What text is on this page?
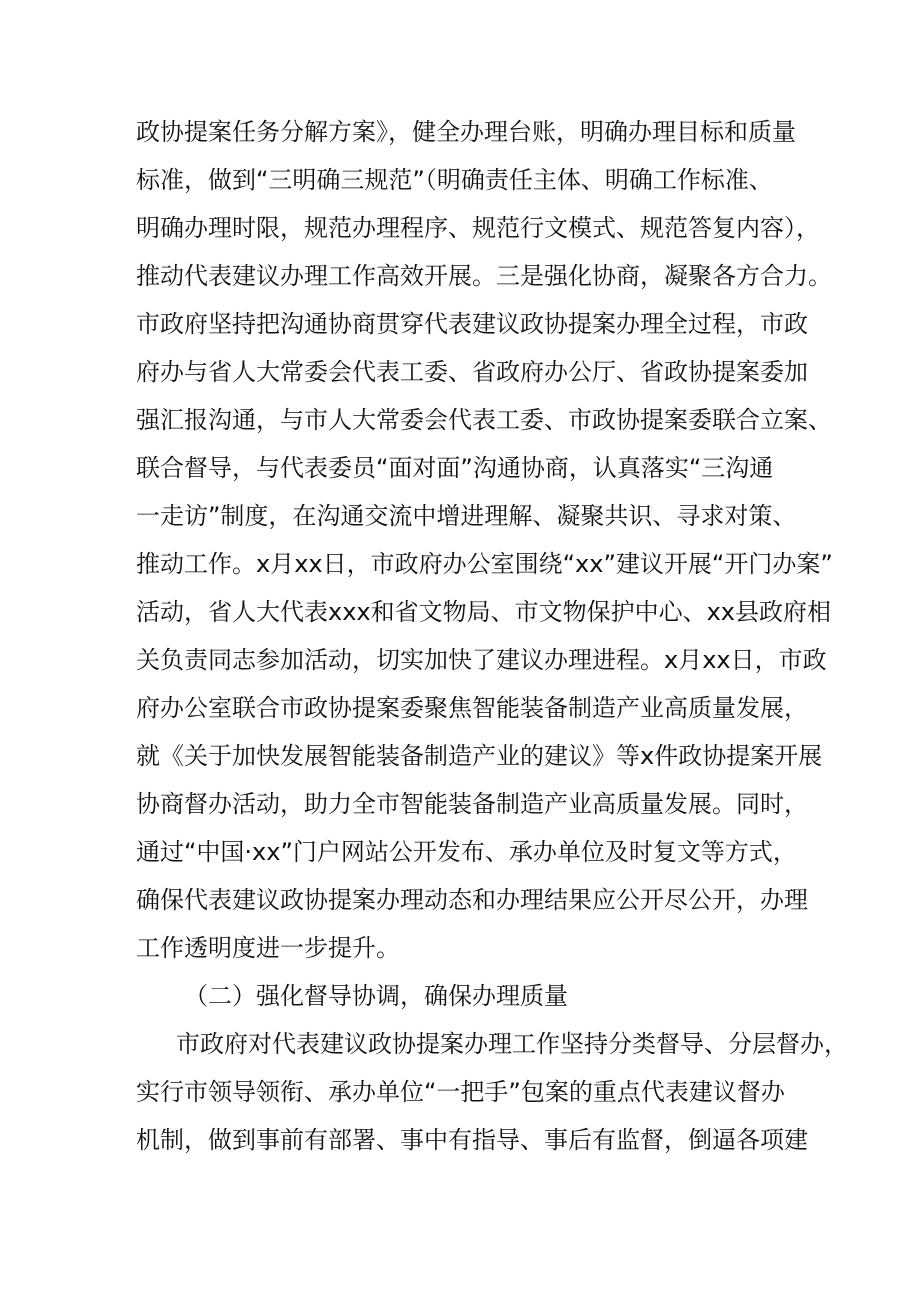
政协提案任务分解方案》，健全办理台账，明确办理目标和质量
标准，做到“三明确三规范”（明确责任主体、明确工作标准、
明确办理时限，规范办理程序、规范行文模式、规范答复内容），
推动代表建议办理工作高效开展。三是强化协商，凝聚各方合力。
市政府坚持把沟通协商贯穿代表建议政协提案办理全过程，市政
府办与省人大常委会代表工委、省政府办公厅、省政协提案委加
强汇报沟通，与市人大常委会代表工委、市政协提案委联合立案、
联合督导，与代表委员“面对面”沟通协商，认真落实“三沟通
一走访”制度，在沟通交流中增进理解、凝聚共识、寻求对策、
推动工作。x月xx日，市政府办公室围绕“xx”建议开展“开门办案”
活动，省人大代表xxx和省文物局、市文物保护中心、xx县政府相
关负责同志参加活动，切实加快了建议办理进程。x月xx日，市政
府办公室联合市政协提案委聚焦智能装备制造产业高质量发展，
就《关于加快发展智能装备制造产业的建议》等x件政协提案开展
协商督办活动，助力全市智能装备制造产业高质量发展。同时，
通过“中国·xx”门户网站公开发布、承办单位及时复文等方式，
确保代表建议政协提案办理动态和办理结果应公开尽公开，办理
工作透明度进一步提升。
（二）强化督导协调，确保办理质量
市政府对代表建议政协提案办理工作坚持分类督导、分层督办，
实行市领导领衔、承办单位“一把手”包案的重点代表建议督办
机制，做到事前有部署、事中有指导、事后有监督，倒逼各项建
